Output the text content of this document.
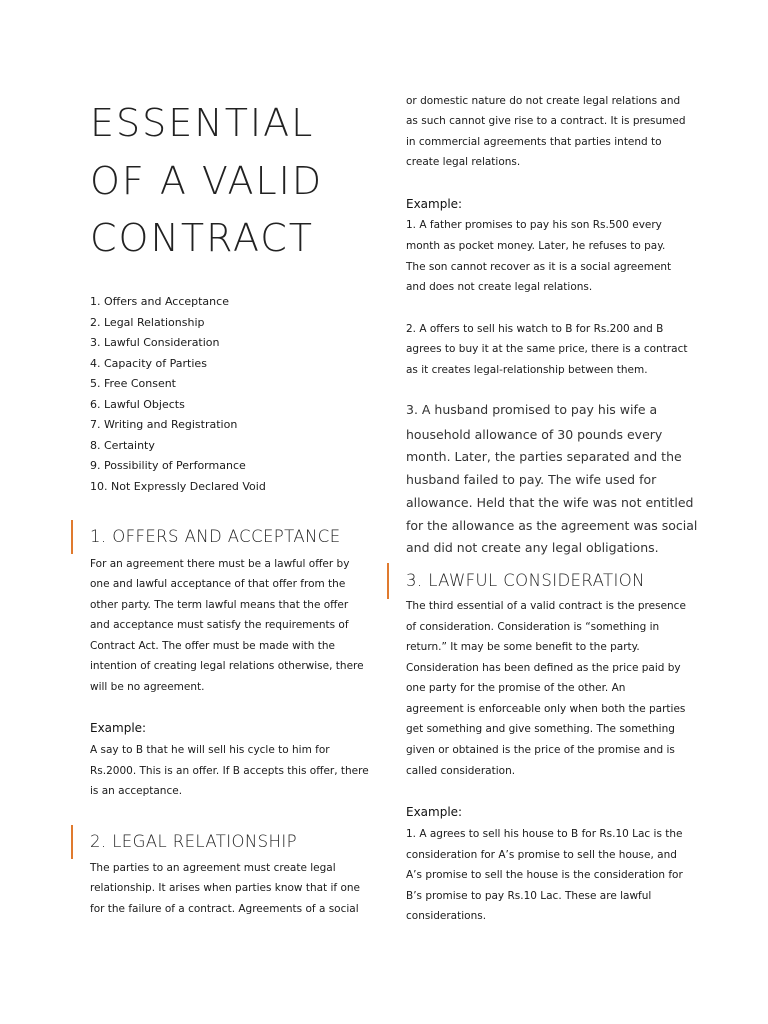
ESSENTIAL
OF A VALID
CONTRACT
1. Offers and Acceptance
2. Legal Relationship
3. Lawful Consideration
4. Capacity of Parties
5. Free Consent
6. Lawful Objects
7. Writing and Registration
8. Certainty
9. Possibility of Performance
10. Not Expressly Declared Void
1. OFFERS AND ACCEPTANCE
For an agreement there must be a lawful offer by
one and lawful acceptance of that offer from the
other party. The term lawful means that the offer
and acceptance must satisfy the requirements of
Contract Act. The offer must be made with the
intention of creating legal relations otherwise, there
will be no agreement.
Example:
A say to B that he will sell his cycle to him for
Rs.2000. This is an offer. If B accepts this offer, there
is an acceptance.
2. LEGAL RELATIONSHIP
The parties to an agreement must create legal
relationship. It arises when parties know that if one
for the failure of a contract. Agreements of a social
or domestic nature do not create legal relations and
as such cannot give rise to a contract. It is presumed
in commercial agreements that parties intend to
create legal relations.
Example:
1. A father promises to pay his son Rs.500 every
month as pocket money. Later, he refuses to pay.
The son cannot recover as it is a social agreement
and does not create legal relations.
2. A offers to sell his watch to B for Rs.200 and B
agrees to buy it at the same price, there is a contract
as it creates legal-relationship between them.
3. A husband promised to pay his wife a
household allowance of 30 pounds every
month. Later, the parties separated and the
husband failed to pay. The wife used for
allowance. Held that the wife was not entitled
for the allowance as the agreement was social
and did not create any legal obligations.
3. LAWFUL CONSIDERATION
The third essential of a valid contract is the presence
of consideration. Consideration is “something in
return.” It may be some benefit to the party.
Consideration has been defined as the price paid by
one party for the promise of the other. An
agreement is enforceable only when both the parties
get something and give something. The something
given or obtained is the price of the promise and is
called consideration.
Example:
1. A agrees to sell his house to B for Rs.10 Lac is the
consideration for A’s promise to sell the house, and
A’s promise to sell the house is the consideration for
B’s promise to pay Rs.10 Lac. These are lawful
considerations.
